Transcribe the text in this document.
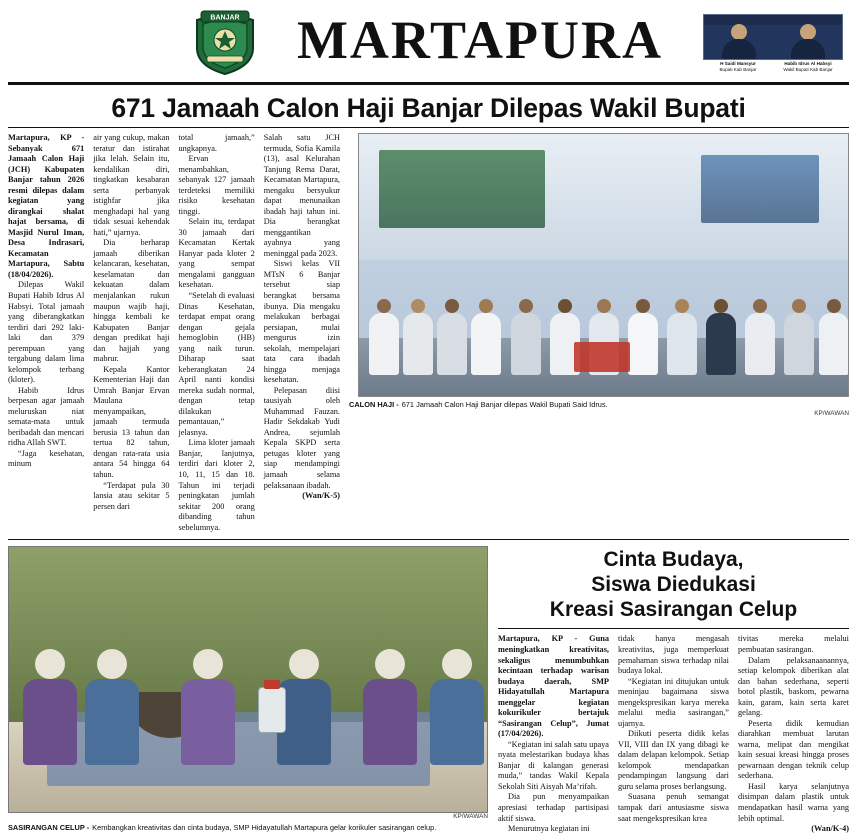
BANJAR	MARTAPURA	H Saidi Mansyur
Bupati Kab Banjar
Habib Idrus Al Habsyi
Wakil Bupati Kab Banjar
671 Jamaah Calon Haji Banjar Dilepas Wakil Bupati

Martapura, KP - Sebanyak 671 Jamaah Calon Haji (JCH) Kabupaten Banjar tahun 2026 resmi dilepas dalam kegiatan yang dirangkai shalat hajat bersama, di Masjid Nurul Iman, Desa Indrasari, Kecamatan Martapura, Sabtu (18/04/2026).

Dilepas Wakil Bupati Habib Idrus Al Habsyi. Total jamaah yang diberangkatkan terdiri dari 292 laki-laki dan 379 perempuan yang tergabung dalam lima kelompok terbang (kloter).

Habib Idrus berpesan agar jamaah meluruskan niat semata-mata untuk beribadah dan mencari ridha Allah SWT.

“Jaga kesehatan, minum

air yang cukup, makan teratur dan istirahat jika lelah. Selain itu, kendalikan diri, tingkatkan kesabaran serta perbanyak istighfar jika menghadapi hal yang tidak sesuai kehendak hati,” ujarnya.

Dia berharap jamaah diberikan kelancaran, kesehatan, keselamatan dan kekuatan dalam menjalankan rukun maupun wajib haji, hingga kembali ke Kabupaten Banjar dengan predikat haji dan hajjah yang mabrur.

Kepala Kantor Kementerian Haji dan Umrah Banjar Ervan Maulana menyampaikan, jamaah termuda berusia 13 tahun dan tertua 82 tahun, dengan rata-rata usia antara 54 hingga 64 tahun.

“Terdapat pula 30 lansia atau sekitar 5 persen dari

total jamaah,” ungkapnya.

Ervan menambahkan, sebanyak 127 jamaah terdeteksi memiliki risiko kesehatan tinggi.

Selain itu, terdapat 30 jamaah dari Kecamatan Kertak Hanyar pada kloter 2 yang sempat mengalami gangguan kesehatan.

“Setelah di evaluasi Dinas Kesehatan, terdapat empat orang dengan gejala hemoglobin (HB) yang naik turun. Diharap saat keberangkatan 24 April nanti kondisi mereka sudah normal, dengan tetap dilakukan pemantauan,” jelasnya.

Lima kloter jamaah Banjar, lanjutnya, terdiri dari kloter 2, 10, 11, 15 dan 18. Tahun ini terjadi peningkatan jumlah sekitar 200 orang dibanding tahun sebelumnya.

Salah satu JCH termuda, Sofia Kamila (13), asal Kelurahan Tanjung Rema Darat, Kecamatan Martapura, mengaku bersyukur dapat menunaikan ibadah haji tahun ini. Dia berangkat menggantikan ayahnya yang meninggal pada 2023.

Siswi kelas VII MTsN 6 Banjar tersebut siap berangkat bersama ibunya. Dia mengaku melakukan berbagai persiapan, mulai mengurus izin sekolah, mempelajari tata cara ibadah hingga menjaga kesehatan.

Pelepasan diisi tausiyah oleh Muhammad Fauzan. Hadir Sekdakab Yudi Andrea, sejumlah Kepala SKPD serta petugas kloter yang siap mendampingi jamaah selama pelaksanaan ibadah.

(Wan/K-5)

CALON HAJI - 671 Jamaah Calon Haji Banjar dilepas Wakil Bupati Said Idrus.
KP/WAWAN
KP/WAWAN
SASIRANGAN CELUP - Kembangkan kreativitas dan cinta budaya, SMP Hidayatullah Martapura gelar korikuler sasirangan celup.
Cinta Budaya,
Siswa Diedukasi
Kreasi Sasirangan Celup

Martapura, KP - Guna meningkatkan kreativitas, sekaligus menumbuhkan kecintaan terhadap warisan budaya daerah, SMP Hidayatullah Martapura menggelar kegiatan kokurikuler bertajuk “Sasirangan Celup”, Jumat (17/04/2026).

“Kegiatan ini salah satu upaya nyata melestarikan budaya khas Banjar di kalangan generasi muda,” tandas Wakil Kepala Sekolah Siti Aisyah Ma’rifah.

Dia pun menyampaikan apresiasi terhadap partisipasi aktif siswa.

Menurutnya kegiatan ini

tidak hanya mengasah kreativitas, juga memperkuat pemahaman siswa terhadap nilai budaya lokal.

“Kegiatan ini ditujukan untuk meninjau bagaimana siswa mengekspresikan karya mereka melalui media sasirangan,” ujarnya.

Diikuti peserta didik kelas VII, VIII dan IX yang dibagi ke dalam delapan kelompok. Setiap kelompok mendapatkan pendampingan langsung dari guru selama proses berlangsung.

Suasana penuh semangat tampak dari antusiasme siswa saat mengekspresikan krea

tivitas mereka melalui pembuatan sasirangan.

Dalam pelaksanaanannya, setiap kelompok diberikan alat dan bahan sederhana, seperti botol plastik, baskom, pewarna kain, garam, kain serta karet gelang.

Peserta didik kemudian diarahkan membuat larutan warna, melipat dan mengikat kain sesuai kreasi hingga proses pewarnaan dengan teknik celup sederhana.

Hasil karya selanjutnya disimpan dalam plastik untuk mendapatkan hasil warna yang lebih optimal.

(Wan/K-4)
